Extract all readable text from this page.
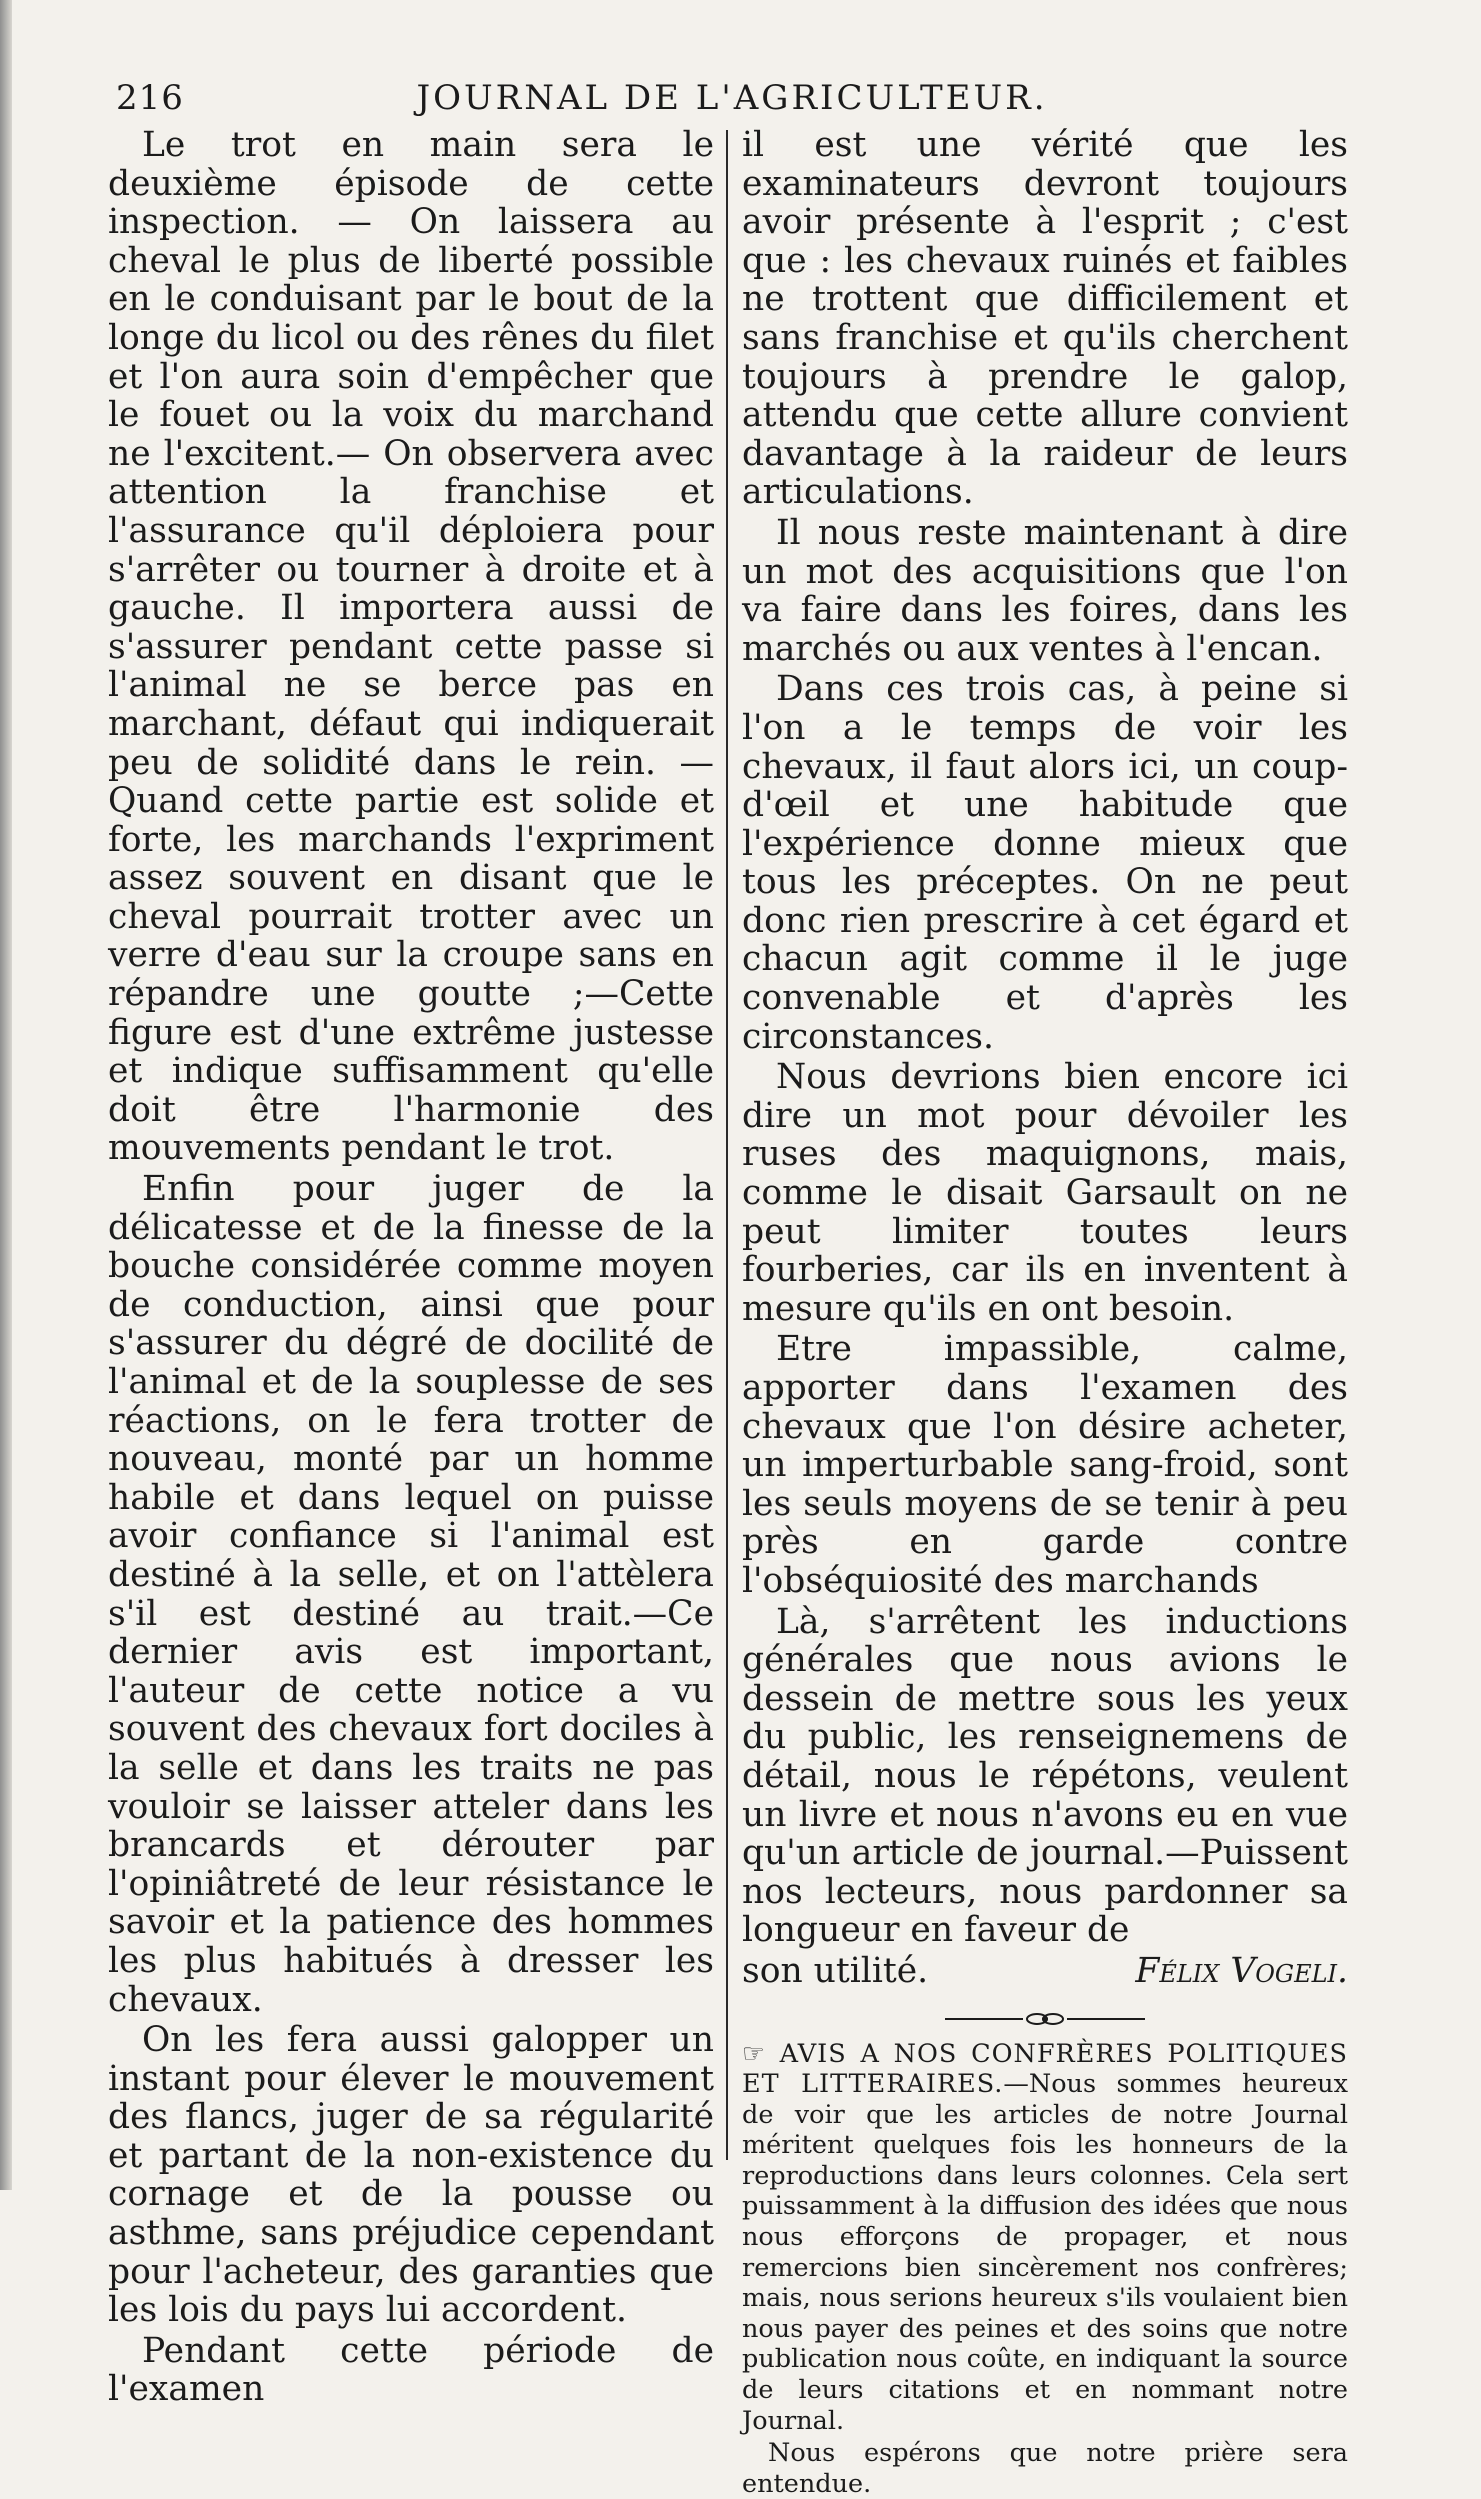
216	JOURNAL DE L'AGRICULTEUR.

Le trot en main sera le deuxième épisode de cette inspection. — On laissera au cheval le plus de liberté possible en le conduisant par le bout de la longe du licol ou des rênes du filet et l'on aura soin d'empêcher que le fouet ou la voix du marchand ne l'excitent.— On observera avec attention la franchise et l'assurance qu'il déploiera pour s'arrêter ou tourner à droite et à gauche. Il importera aussi de s'assurer pendant cette passe si l'animal ne se berce pas en marchant, défaut qui indiquerait peu de solidité dans le rein. — Quand cette partie est solide et forte, les marchands l'expriment assez souvent en disant que le cheval pourrait trotter avec un verre d'eau sur la croupe sans en répandre une goutte ;—Cette figure est d'une extrême justesse et indique suffisamment qu'elle doit être l'harmonie des mouvements pendant le trot.

Enfin pour juger de la délicatesse et de la finesse de la bouche considérée comme moyen de conduction, ainsi que pour s'assurer du dégré de docilité de l'animal et de la souplesse de ses réactions, on le fera trotter de nouveau, monté par un homme habile et dans lequel on puisse avoir confiance si l'animal est destiné à la selle, et on l'attèlera s'il est destiné au trait.—Ce dernier avis est important, l'auteur de cette notice a vu souvent des chevaux fort dociles à la selle et dans les traits ne pas vouloir se laisser atteler dans les brancards et dérouter par l'opiniâtreté de leur résistance le savoir et la patience des hommes les plus habitués à dresser les chevaux.

On les fera aussi galopper un instant pour élever le mouvement des flancs, juger de sa régularité et partant de la non-existence du cornage et de la pousse ou asthme, sans préjudice cependant pour l'acheteur, des garanties que les lois du pays lui accordent.

Pendant cette période de l'examen

il est une vérité que les examinateurs devront toujours avoir présente à l'esprit ; c'est que : les chevaux ruinés et faibles ne trottent que difficilement et sans franchise et qu'ils cherchent toujours à prendre le galop, attendu que cette allure convient davantage à la raideur de leurs articulations.

Il nous reste maintenant à dire un mot des acquisitions que l'on va faire dans les foires, dans les marchés ou aux ventes à l'encan.

Dans ces trois cas, à peine si l'on a le temps de voir les chevaux, il faut alors ici, un coup-d'œil et une habitude que l'expérience donne mieux que tous les préceptes. On ne peut donc rien prescrire à cet égard et chacun agit comme il le juge convenable et d'après les circonstances.

Nous devrions bien encore ici dire un mot pour dévoiler les ruses des maquignons, mais, comme le disait Garsault on ne peut limiter toutes leurs fourberies, car ils en inventent à mesure qu'ils en ont besoin.

Etre impassible, calme, apporter dans l'examen des chevaux que l'on désire acheter, un imperturbable sang-froid, sont les seuls moyens de se tenir à peu près en garde contre l'obséquiosité des marchands

Là, s'arrêtent les inductions générales que nous avions le dessein de mettre sous les yeux du public, les renseignemens de détail, nous le répétons, veulent un livre et nous n'avons eu en vue qu'un article de journal.—Puissent nos lecteurs, nous pardonner sa longueur en faveur de

son utilité.	Félix Vogeli.

☞ AVIS A NOS CONFRÈRES POLITIQUES ET LITTERAIRES.—Nous sommes heureux de voir que les articles de notre Journal méritent quelques fois les honneurs de la reproductions dans leurs colonnes. Cela sert puissamment à la diffusion des idées que nous nous efforçons de propager, et nous remercions bien sincèrement nos confrères; mais, nous serions heureux s'ils voulaient bien nous payer des peines et des soins que notre publication nous coûte, en indiquant la source de leurs citations et en nommant notre Journal.

Nous espérons que notre prière sera entendue.
